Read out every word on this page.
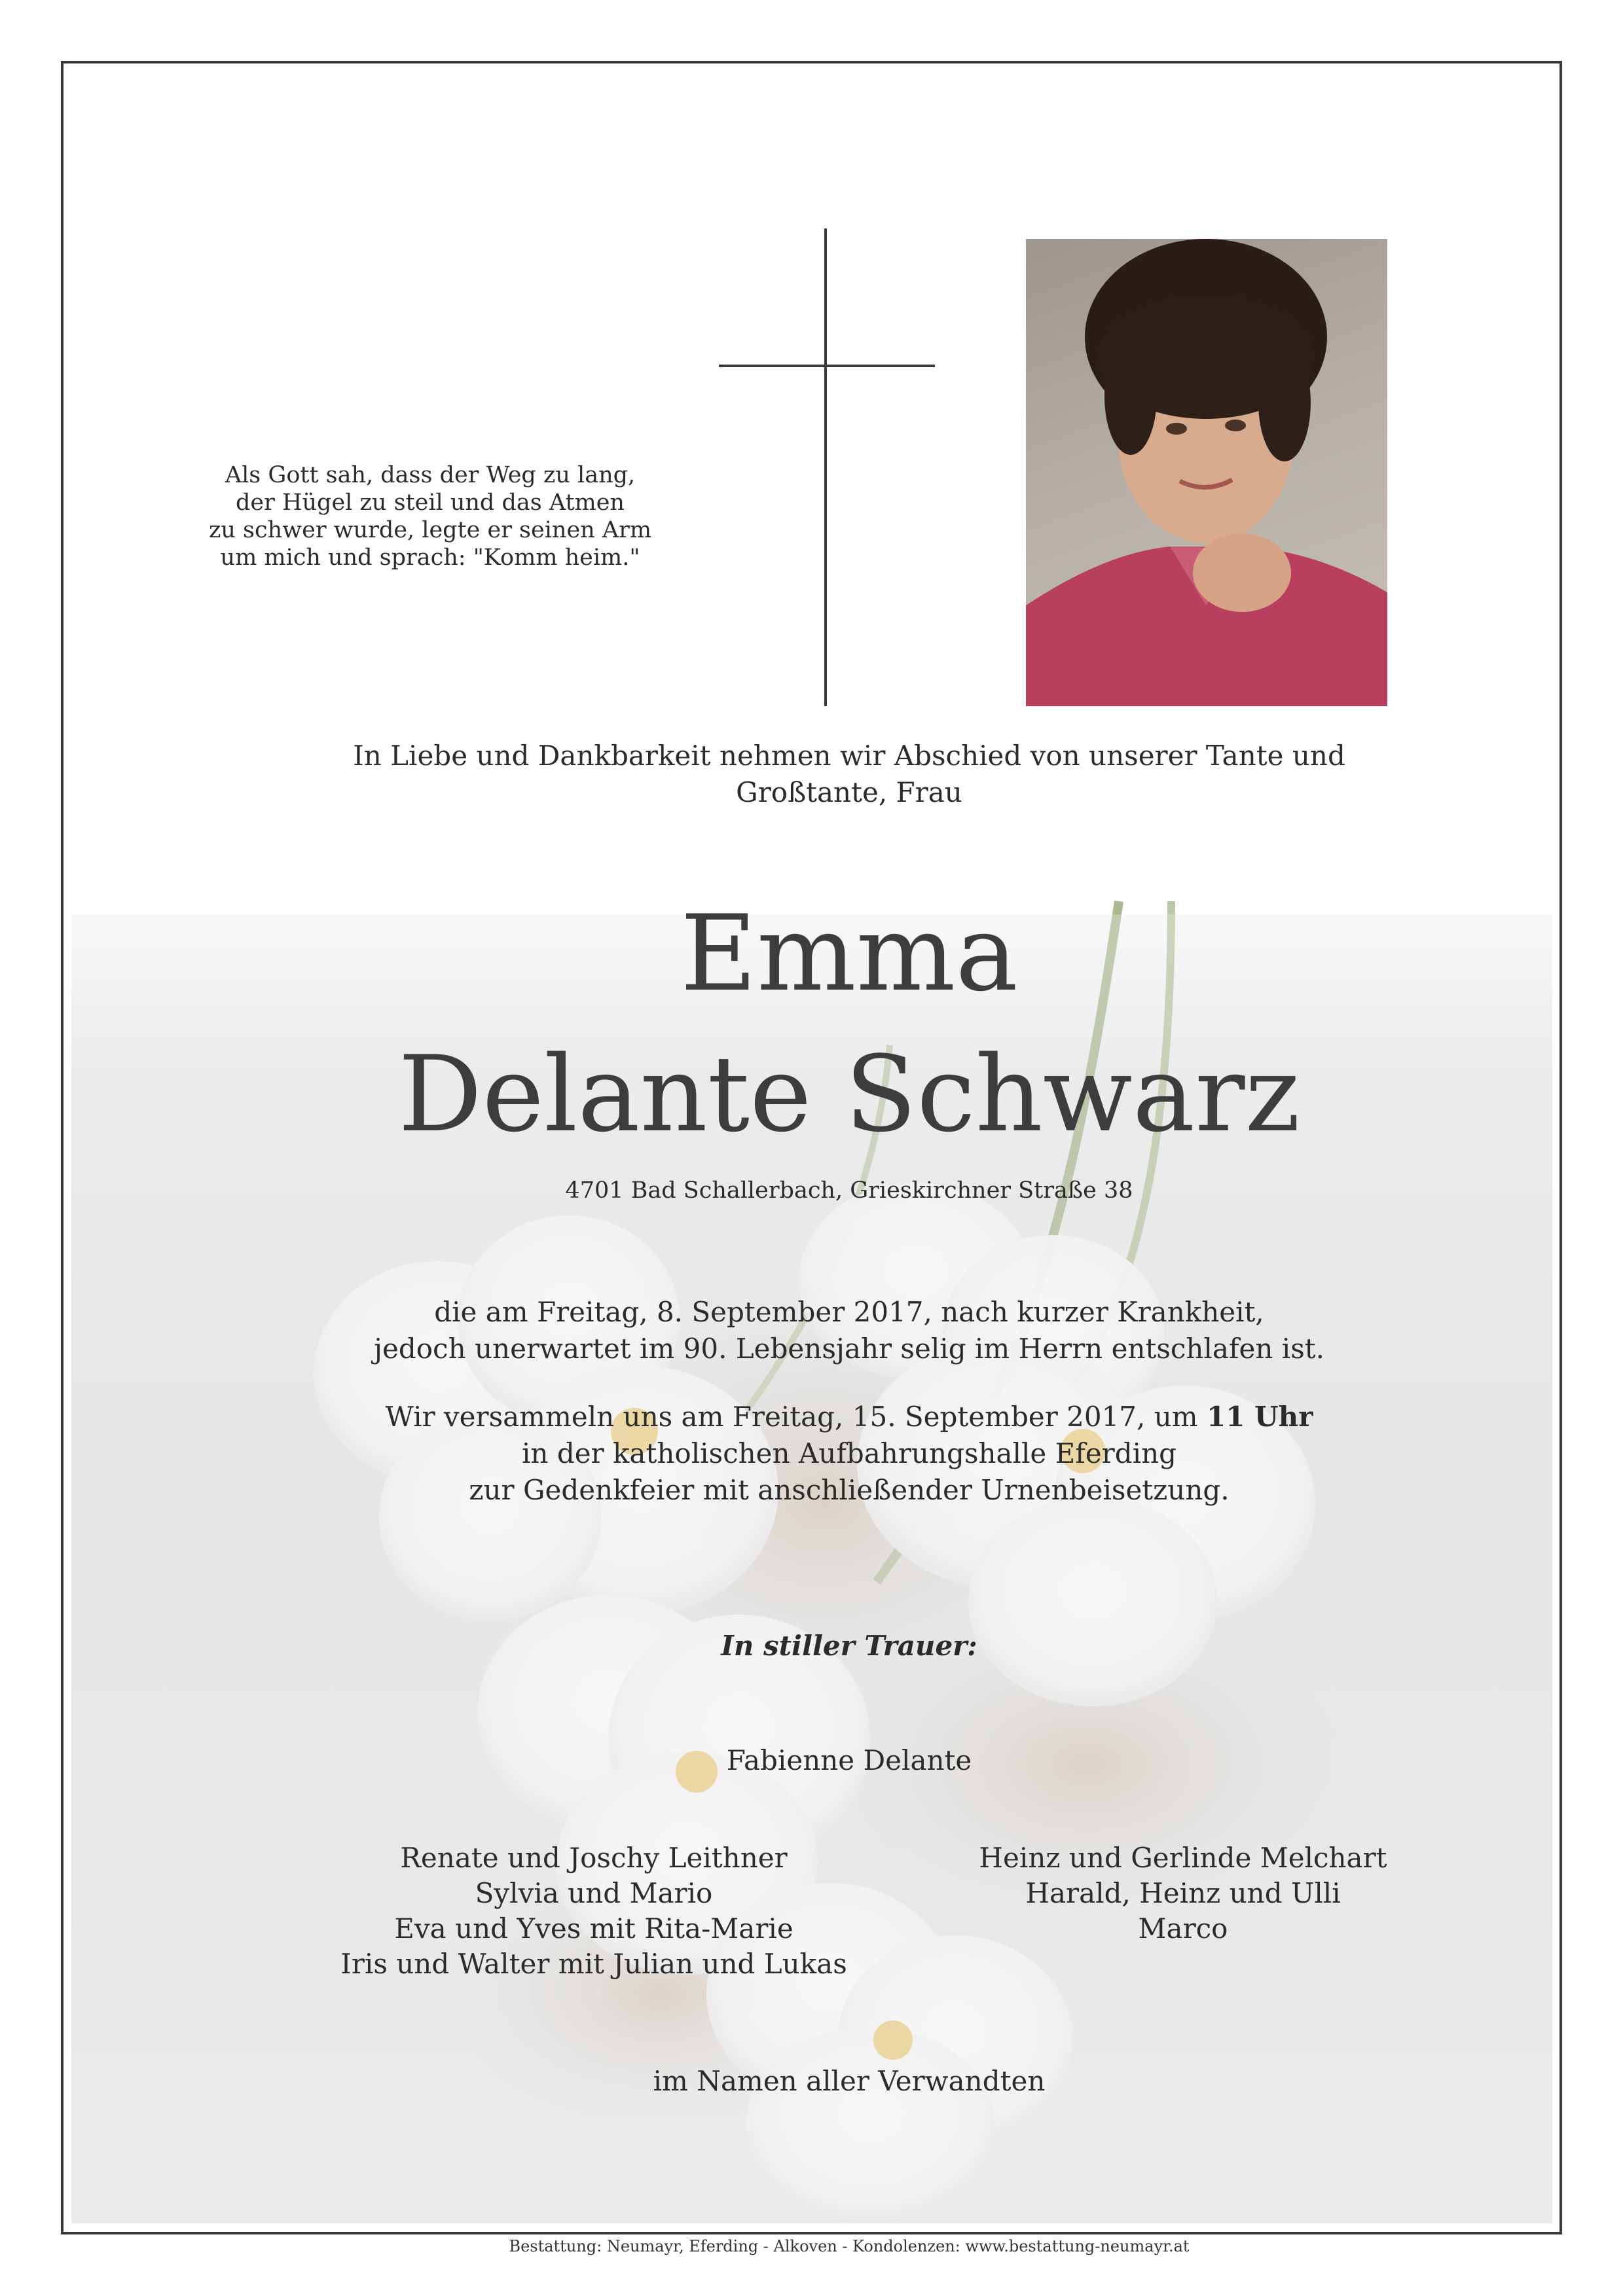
Als Gott sah, dass der Weg zu lang,
der Hügel zu steil und das Atmen
zu schwer wurde, legte er seinen Arm
um mich und sprach: "Komm heim."
In Liebe und Dankbarkeit nehmen wir Abschied von unserer Tante und
Großtante, Frau
Emma
Delante Schwarz
4701 Bad Schallerbach, Grieskirchner Straße 38
die am Freitag, 8. September 2017, nach kurzer Krankheit,
jedoch unerwartet im 90. Lebensjahr selig im Herrn entschlafen ist.
Wir versammeln uns am Freitag, 15. September 2017, um 11 Uhr
in der katholischen Aufbahrungshalle Eferding
zur Gedenkfeier mit anschließender Urnenbeisetzung.
In stiller Trauer:
Fabienne Delante
Renate und Joschy Leithner
Sylvia und Mario
Eva und Yves mit Rita-Marie
Iris und Walter mit Julian und Lukas
Heinz und Gerlinde Melchart
Harald, Heinz und Ulli
Marco
im Namen aller Verwandten
Bestattung: Neumayr, Eferding - Alkoven - Kondolenzen: www.bestattung-neumayr.at
